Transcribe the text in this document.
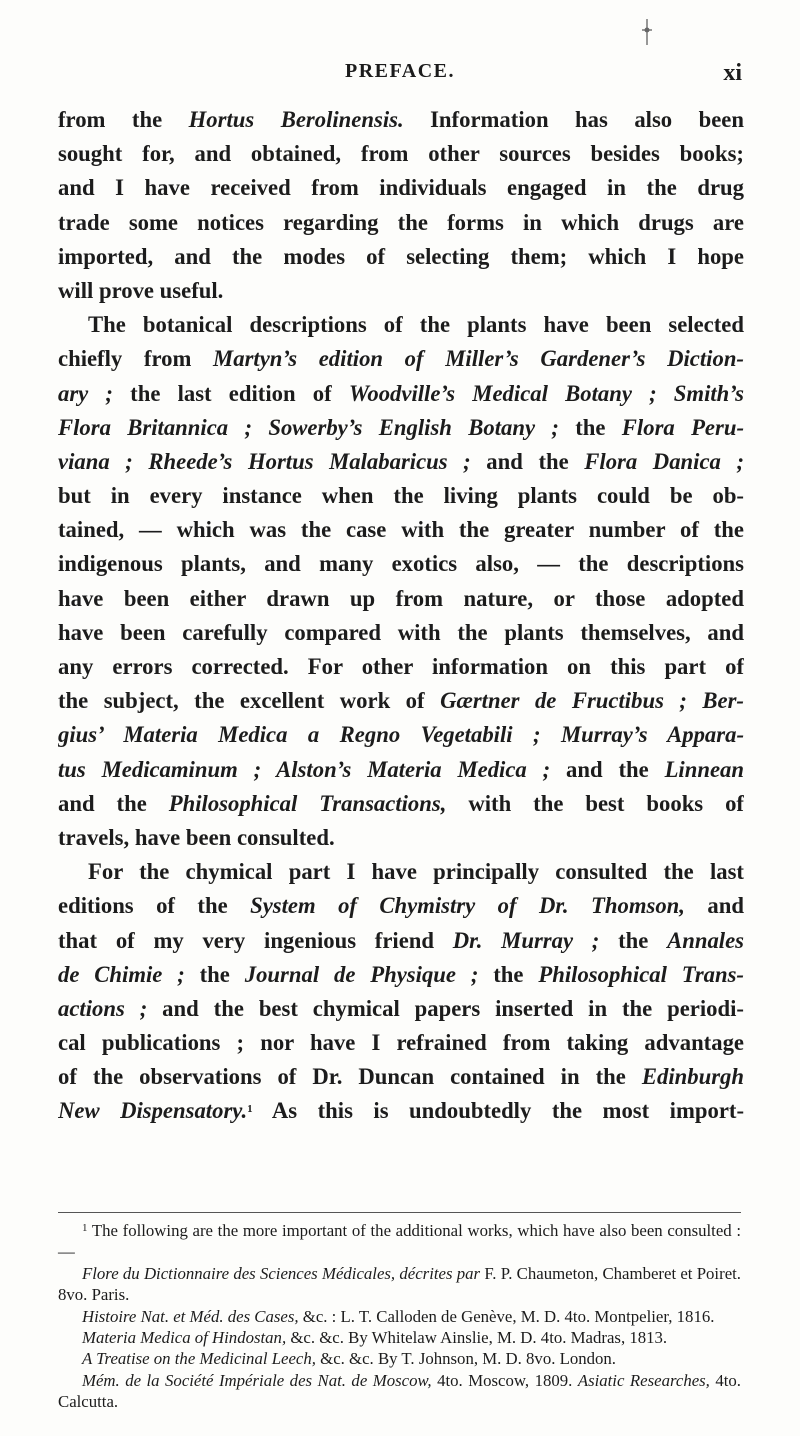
PREFACE.	xi
from the Hortus Berolinensis. Information has also been
sought for, and obtained, from other sources besides books;
and I have received from individuals engaged in the drug
trade some notices regarding the forms in which drugs are
imported, and the modes of selecting them; which I hope
will prove useful.
The botanical descriptions of the plants have been selected
chiefly from Martyn’s edition of Miller’s Gardener’s Diction-
ary ; the last edition of Woodville’s Medical Botany ; Smith’s
Flora Britannica ; Sowerby’s English Botany ; the Flora Peru-
viana ; Rheede’s Hortus Malabaricus ; and the Flora Danica ;
but in every instance when the living plants could be ob-
tained, — which was the case with the greater number of the
indigenous plants, and many exotics also, — the descriptions
have been either drawn up from nature, or those adopted
have been carefully compared with the plants themselves, and
any errors corrected. For other information on this part of
the subject, the excellent work of Gærtner de Fructibus ; Ber-
gius’ Materia Medica a Regno Vegetabili ; Murray’s Appara-
tus Medicaminum ; Alston’s Materia Medica ; and the Linnean
and the Philosophical Transactions, with the best books of
travels, have been consulted.
For the chymical part I have principally consulted the last
editions of the System of Chymistry of Dr. Thomson, and
that of my very ingenious friend Dr. Murray ; the Annales
de Chimie ; the Journal de Physique ; the Philosophical Trans-
actions ; and the best chymical papers inserted in the periodi-
cal publications ; nor have I refrained from taking advantage
of the observations of Dr. Duncan contained in the Edinburgh
New Dispensatory.$^1$ As this is undoubtedly the most import-
$^1$ The following are the more important of the additional works, which have also been consulted : —
Flore du Dictionnaire des Sciences Médicales, décrites par F. P. Chaumeton, Chamberet et Poiret. 8vo. Paris.
Histoire Nat. et Méd. des Cases, &c. : L. T. Calloden de Genève, M. D. 4to. Montpelier, 1816.
Materia Medica of Hindostan, &c. &c. By Whitelaw Ainslie, M. D. 4to. Madras, 1813.
A Treatise on the Medicinal Leech, &c. &c. By T. Johnson, M. D. 8vo. London.
Mém. de la Société Impériale des Nat. de Moscow, 4to. Moscow, 1809. Asiatic Researches, 4to. Calcutta.
